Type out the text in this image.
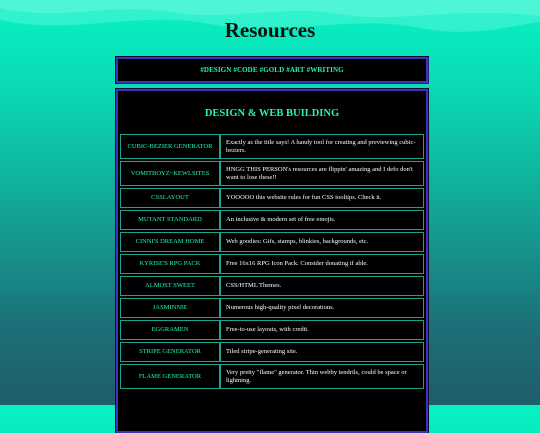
Resources
#DESIGN #CODE #GOLD #ART #WRITING
DESIGN & WEB BUILDING
CUBIC-BEZIER GENERATOR	Exactly as the title says! A handy tool for creating and previewing cubic-beziers.
VOMITBOYZ~KEWLSITES	HNGG THIS PERSON's resources are flippin' amazing and I defo don't want to lose these!!
CSSLAYOUT	YOOOOO this website rules for fun CSS tooltips. Check it.
MUTANT STANDARD	An inclusive & modern set of free emojis.
CINNI'S DREAM HOME	Web goodies: Gifs, stamps, blinkies, backgrounds, etc.
KYRISE'S RPG PACK	Free 16x16 RPG Icon Pack. Consider donating if able.
ALMOST SWEET	CSS/HTML Themes.
JASMINNIE	Numerous high-quality pixel decorations.
EGGRAMEN	Free-to-use layouts, with credit.
STRIPE GENERATOR	Tiled stripe-generating site.
FLAME GENERATOR	Very pretty "flame" generator. Thin webby tendrils, could be space or lightning.
